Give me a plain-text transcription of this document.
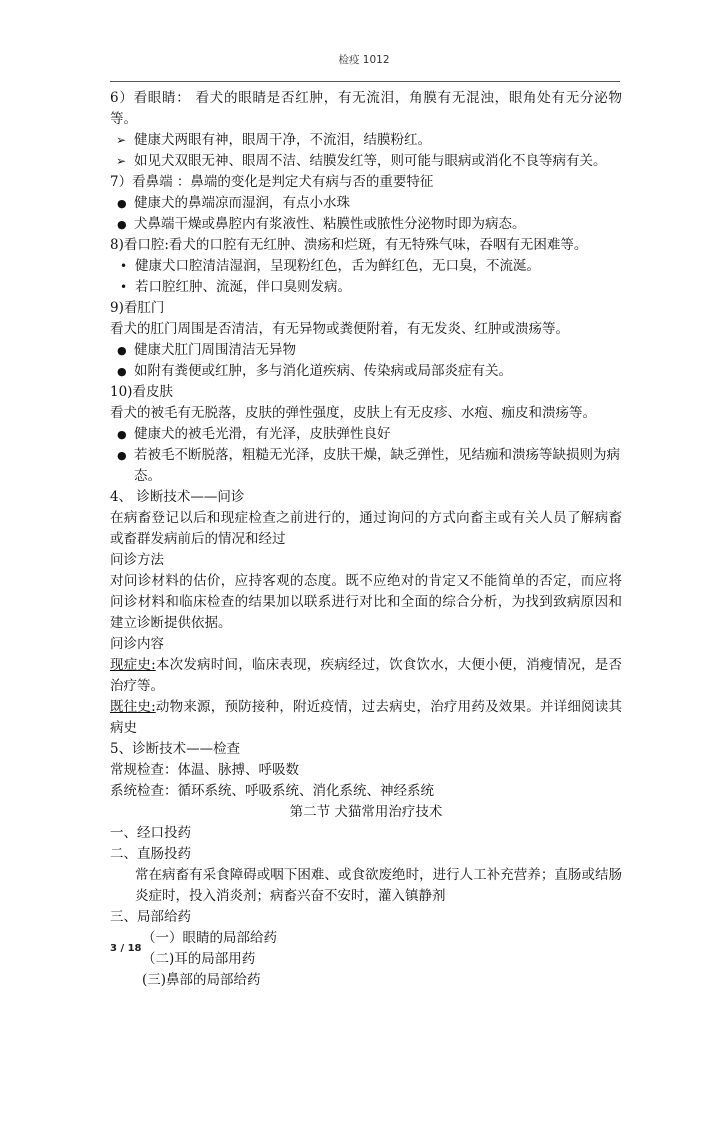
检疫 1012

6）看眼睛： 看犬的眼睛是否红肿，有无流泪，角膜有无混浊，眼角处有无分泌物等。

➢ 健康犬两眼有神，眼周干净，不流泪，结膜粉红。
➢ 如见犬双眼无神、眼周不洁、结膜发红等，则可能与眼病或消化不良等病有关。

7）看鼻端 ：鼻端的变化是判定犬有病与否的重要特征

● 健康犬的鼻端凉而湿润，有点小水珠
● 犬鼻端干燥或鼻腔内有浆液性、粘膜性或脓性分泌物时即为病态。

8)看口腔:看犬的口腔有无红肿、溃疡和烂斑，有无特殊气味，吞咽有无困难等。

• 健康犬口腔清洁湿润，呈现粉红色，舌为鲜红色，无口臭，不流涎。
• 若口腔红肿、流涎，伴口臭则发病。

9)看肛门

看犬的肛门周围是否清洁，有无异物或粪便附着，有无发炎、红肿或溃疡等。

● 健康犬肛门周围清洁无异物
● 如附有粪便或红肿，多与消化道疾病、传染病或局部炎症有关。

10)看皮肤

看犬的被毛有无脱落，皮肤的弹性强度，皮肤上有无皮疹、水疱、痂皮和溃疡等。

● 健康犬的被毛光滑，有光泽，皮肤弹性良好
● 若被毛不断脱落，粗糙无光泽，皮肤干燥，缺乏弹性，见结痂和溃疡等缺损则为病态。

4、 诊断技术——问诊

在病畜登记以后和现症检查之前进行的，通过询问的方式向畜主或有关人员了解病畜或畜群发病前后的情况和经过

问诊方法

对问诊材料的估价，应持客观的态度。既不应绝对的肯定又不能简单的否定，而应将问诊材料和临床检查的结果加以联系进行对比和全面的综合分析，为找到致病原因和建立诊断提供依据。

问诊内容

现症史:本次发病时间，临床表现，疾病经过，饮食饮水，大便小便，消瘦情况，是否治疗等。

既往史:动物来源，预防接种，附近疫情，过去病史，治疗用药及效果。并详细阅读其病史

5、诊断技术——检查

常规检查：体温、脉搏、呼吸数

系统检查：循环系统、呼吸系统、消化系统、神经系统

第二节 犬猫常用治疗技术

一、经口投药

二、直肠投药

常在病畜有采食障碍或咽下困难、或食欲废绝时，进行人工补充营养；直肠或结肠炎症时，投入消炎剂；病畜兴奋不安时，灌入镇静剂

三、局部给药

（一）眼睛的局部给药

（二)耳的局部用药

(三)鼻部的局部给药

3 / 18
